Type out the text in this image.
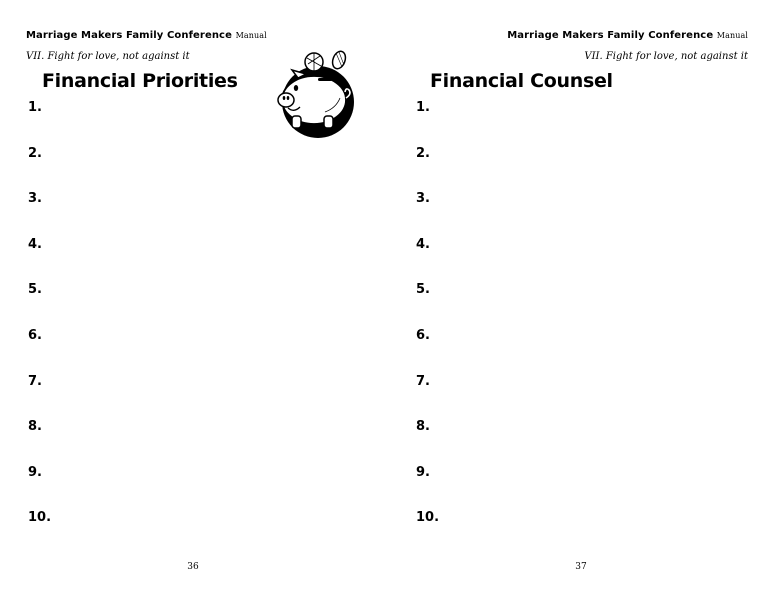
Marriage Makers Family Conference Manual
VII. Fight for love, not against it
Financial Priorities
1.
2.
3.
4.
5.
6.
7.
8.
9.
10.
36
Marriage Makers Family Conference Manual
VII. Fight for love, not against it
Financial Counsel
1.
2.
3.
4.
5.
6.
7.
8.
9.
10.
37
